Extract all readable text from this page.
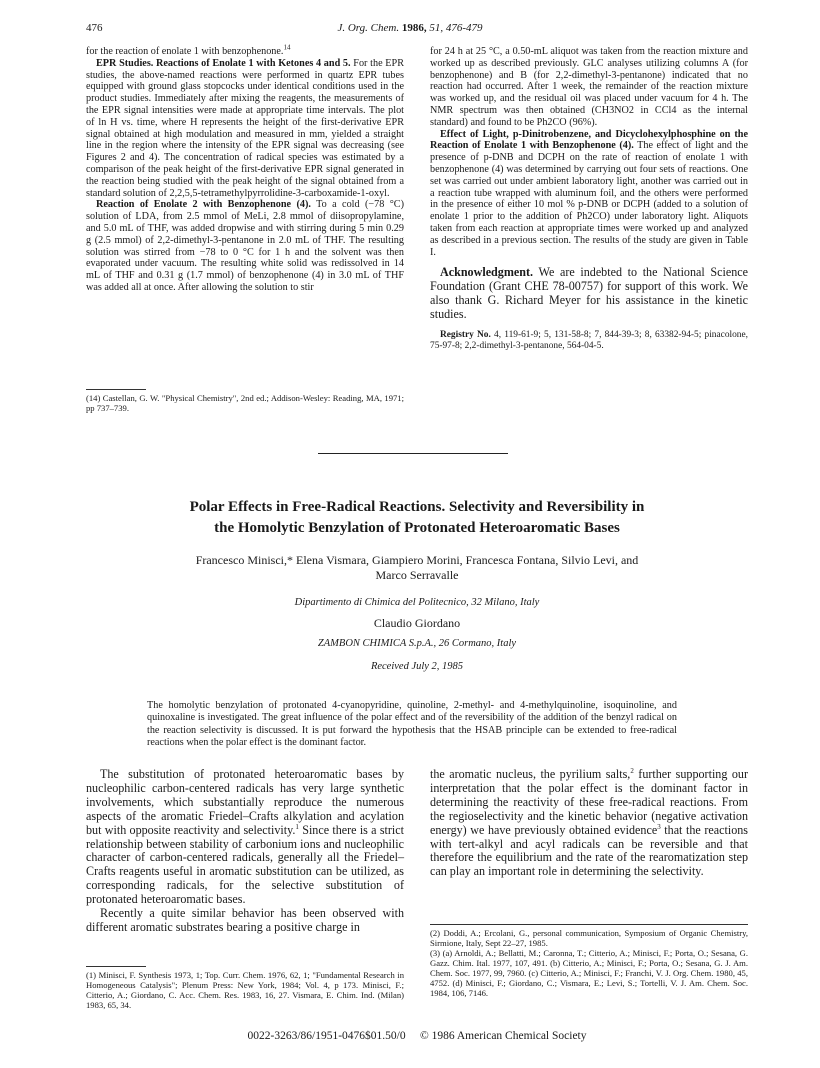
476	J. Org. Chem. 1986, 51, 476-479

for the reaction of enolate 1 with benzophenone.$^{14}$

EPR Studies. Reactions of Enolate 1 with Ketones 4 and 5. For the EPR studies, the above-named reactions were performed in quartz EPR tubes equipped with ground glass stopcocks under identical conditions used in the product studies. Immediately after mixing the reagents, the measurements of the EPR signal intensities were made at appropriate time intervals. The plot of ln H vs. time, where H represents the height of the first-derivative EPR signal obtained at high modulation and measured in mm, yielded a straight line in the region where the intensity of the EPR signal was decreasing (see Figures 2 and 4). The concentration of radical species was estimated by a comparison of the peak height of the first-derivative EPR signal generated in the reaction being studied with the peak height of the signal obtained from a standard solution of 2,2,5,5-tetramethylpyrrolidine-3-carboxamide-1-oxyl.

Reaction of Enolate 2 with Benzophenone (4). To a cold (−78 °C) solution of LDA, from 2.5 mmol of MeLi, 2.8 mmol of diisopropylamine, and 5.0 mL of THF, was added dropwise and with stirring during 5 min 0.29 g (2.5 mmol) of 2,2-dimethyl-3-pentanone in 2.0 mL of THF. The resulting solution was stirred from −78 to 0 °C for 1 h and the solvent was then evaporated under vacuum. The resulting white solid was redissolved in 14 mL of THF and 0.31 g (1.7 mmol) of benzophenone (4) in 3.0 mL of THF was added all at once. After allowing the solution to stir

(14) Castellan, G. W. "Physical Chemistry", 2nd ed.; Addison-Wesley: Reading, MA, 1971; pp 737–739.

for 24 h at 25 °C, a 0.50-mL aliquot was taken from the reaction mixture and worked up as described previously. GLC analyses utilizing columns A (for benzophenone) and B (for 2,2-dimethyl-3-pentanone) indicated that no reaction had occurred. After 1 week, the remainder of the reaction mixture was worked up, and the residual oil was placed under vacuum for 4 h. The NMR spectrum was then obtained (CH3NO2 in CCl4 as the internal standard) and found to be Ph2CO (96%).

Effect of Light, p-Dinitrobenzene, and Dicyclohexylphosphine on the Reaction of Enolate 1 with Benzophenone (4). The effect of light and the presence of p-DNB and DCPH on the rate of reaction of enolate 1 with benzophenone (4) was determined by carrying out four sets of reactions. One set was carried out under ambient laboratory light, another was carried out in a reaction tube wrapped with aluminum foil, and the others were performed in the presence of either 10 mol % p-DNB or DCPH (added to a solution of enolate 1 prior to the addition of Ph2CO) under laboratory light. Aliquots taken from each reaction at appropriate times were worked up and analyzed as described in a previous section. The results of the study are given in Table I.

Acknowledgment. We are indebted to the National Science Foundation (Grant CHE 78-00757) for support of this work. We also thank G. Richard Meyer for his assistance in the kinetic studies.

Registry No. 4, 119-61-9; 5, 131-58-8; 7, 844-39-3; 8, 63382-94-5; pinacolone, 75-97-8; 2,2-dimethyl-3-pentanone, 564-04-5.

Polar Effects in Free-Radical Reactions. Selectivity and Reversibility in
the Homolytic Benzylation of Protonated Heteroaromatic Bases
Francesco Minisci,* Elena Vismara, Giampiero Morini, Francesca Fontana, Silvio Levi, and
Marco Serravalle
Dipartimento di Chimica del Politecnico, 32 Milano, Italy
Claudio Giordano
ZAMBON CHIMICA S.p.A., 26 Cormano, Italy
Received July 2, 1985
The homolytic benzylation of protonated 4-cyanopyridine, quinoline, 2-methyl- and 4-methylquinoline, isoquinoline, and quinoxaline is investigated. The great influence of the polar effect and of the reversibility of the addition of the benzyl radical on the reaction selectivity is discussed. It is put forward the hypothesis that the HSAB principle can be extended to free-radical reactions when the polar effect is the dominant factor.

The substitution of protonated heteroaromatic bases by nucleophilic carbon-centered radicals has very large synthetic involvements, which substantially reproduce the numerous aspects of the aromatic Friedel–Crafts alkylation and acylation but with opposite reactivity and selectivity.$^1$ Since there is a strict relationship between stability of carbonium ions and nucleophilic character of carbon-centered radicals, generally all the Friedel–Crafts reagents useful in aromatic substitution can be utilized, as corresponding radicals, for the selective substitution of protonated heteroaromatic bases.

Recently a quite similar behavior has been observed with different aromatic substrates bearing a positive charge in

the aromatic nucleus, the pyrilium salts,$^2$ further supporting our interpretation that the polar effect is the dominant factor in determining the reactivity of these free-radical reactions. From the regioselectivity and the kinetic behavior (negative activation energy) we have previously obtained evidence$^3$ that the reactions with tert-alkyl and acyl radicals can be reversible and that therefore the equilibrium and the rate of the rearomatization step can play an important role in determining the selectivity.

(1) Minisci, F. Synthesis 1973, 1; Top. Curr. Chem. 1976, 62, 1; "Fundamental Research in Homogeneous Catalysis"; Plenum Press: New York, 1984; Vol. 4, p 173. Minisci, F.; Citterio, A.; Giordano, C. Acc. Chem. Res. 1983, 16, 27. Vismara, E. Chim. Ind. (Milan) 1983, 65, 34.
(2) Doddi, A.; Ercolani, G., personal communication, Symposium of Organic Chemistry, Sirmione, Italy, Sept 22–27, 1985.
(3) (a) Arnoldi, A.; Bellatti, M.; Caronna, T.; Citterio, A.; Minisci, F.; Porta, O.; Sesana, G. Gazz. Chim. Ital. 1977, 107, 491. (b) Citterio, A.; Minisci, F.; Porta, O.; Sesana, G. J. Am. Chem. Soc. 1977, 99, 7960. (c) Citterio, A.; Minisci, F.; Franchi, V. J. Org. Chem. 1980, 45, 4752. (d) Minisci, F.; Giordano, C.; Vismara, E.; Levi, S.; Tortelli, V. J. Am. Chem. Soc. 1984, 106, 7146.
0022-3263/86/1951-0476$01.50/0 © 1986 American Chemical Society
